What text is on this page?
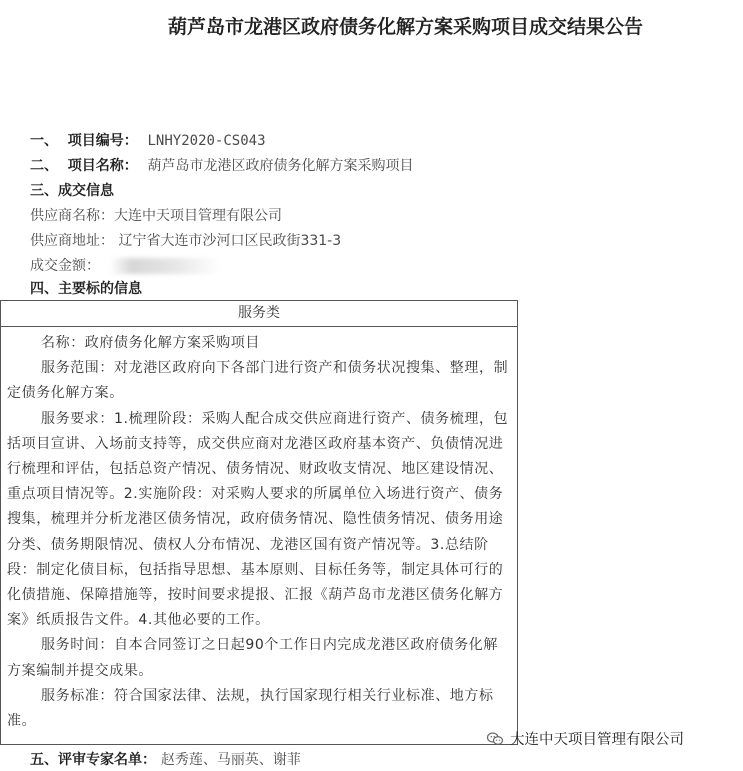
葫芦岛市龙港区政府债务化解方案采购项目成交结果公告
一、 项目编号： LNHY2020-CS043
二、 项目名称： 葫芦岛市龙港区政府债务化解方案采购项目
三、成交信息
供应商名称：大连中天项目管理有限公司
供应商地址： 辽宁省大连市沙河口区民政街331-3
成交金额：
四、主要标的信息
服务类

名称：政府债务化解方案采购项目

服务范围：对龙港区政府向下各部门进行资产和债务状况搜集、整理，制定债务化解方案。

服务要求：1.梳理阶段：采购人配合成交供应商进行资产、债务梳理，包括项目宣讲、入场前支持等，成交供应商对龙港区政府基本资产、负债情况进行梳理和评估，包括总资产情况、债务情况、财政收支情况、地区建设情况、重点项目情况等。2.实施阶段：对采购人要求的所属单位入场进行资产、债务搜集，梳理并分析龙港区债务情况，政府债务情况、隐性债务情况、债务用途分类、债务期限情况、债权人分布情况、龙港区国有资产情况等。3.总结阶段：制定化债目标，包括指导思想、基本原则、目标任务等，制定具体可行的化债措施、保障措施等，按时间要求提报、汇报《葫芦岛市龙港区债务化解方案》纸质报告文件。4.其他必要的工作。

服务时间：自本合同签订之日起90个工作日内完成龙港区政府债务化解方案编制并提交成果。

服务标准：符合国家法律、法规，执行国家现行相关行业标准、地方标准。

五、评审专家名单： 赵秀莲、马丽英、谢菲
大连中天项目管理有限公司
